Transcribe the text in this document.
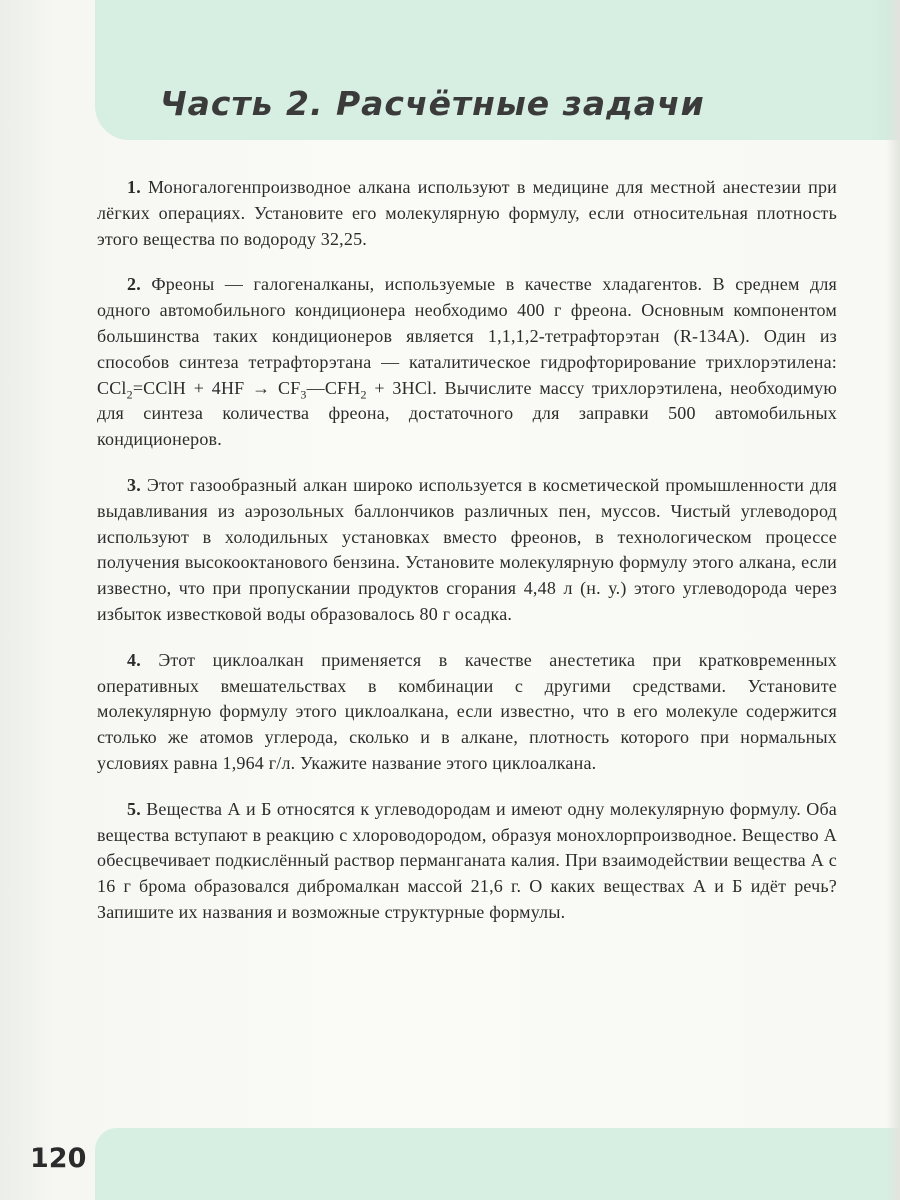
Часть 2. Расчётные задачи

1. Моногалогенпроизводное алкана используют в медицине для местной анестезии при лёгких операциях. Установите его молекулярную формулу, если относительная плотность этого вещества по водороду 32,25.

2. Фреоны — галогеналканы, используемые в качестве хладагентов. В среднем для одного автомобильного кондиционера необходимо 400 г фреона. Основным компонентом большинства таких кондиционеров является 1,1,1,2-тетрафторэтан (R-134A). Один из способов синтеза тетрафторэтана — каталитическое гидрофторирование трихлорэтилена: CCl$_2$=CClH + $4HF \to CF_3—CFH_2 + 3HCl$. Вычислите массу трихлорэтилена, необходимую для синтеза количества фреона, достаточного для заправки 500 автомобильных кондиционеров.

3. Этот газообразный алкан широко используется в косметической промышленности для выдавливания из аэрозольных баллончиков различных пен, муссов. Чистый углеводород используют в холодильных установках вместо фреонов, в технологическом процессе получения высокооктанового бензина. Установите молекулярную формулу этого алкана, если известно, что при пропускании продуктов сгорания 4,48 л (н. у.) этого углеводорода через избыток известковой воды образовалось 80 г осадка.

4. Этот циклоалкан применяется в качестве анестетика при кратковременных оперативных вмешательствах в комбинации с другими средствами. Установите молекулярную формулу этого циклоалкана, если известно, что в его молекуле содержится столько же атомов углерода, сколько и в алкане, плотность которого при нормальных условиях равна 1,964 г/л. Укажите название этого циклоалкана.

5. Вещества А и Б относятся к углеводородам и имеют одну молекулярную формулу. Оба вещества вступают в реакцию с хлороводородом, образуя монохлорпроизводное. Вещество А обесцвечивает подкислённый раствор перманганата калия. При взаимодействии вещества А с 16 г брома образовался дибромалкан массой 21,6 г. О каких веществах А и Б идёт речь? Запишите их названия и возможные структурные формулы.

120
